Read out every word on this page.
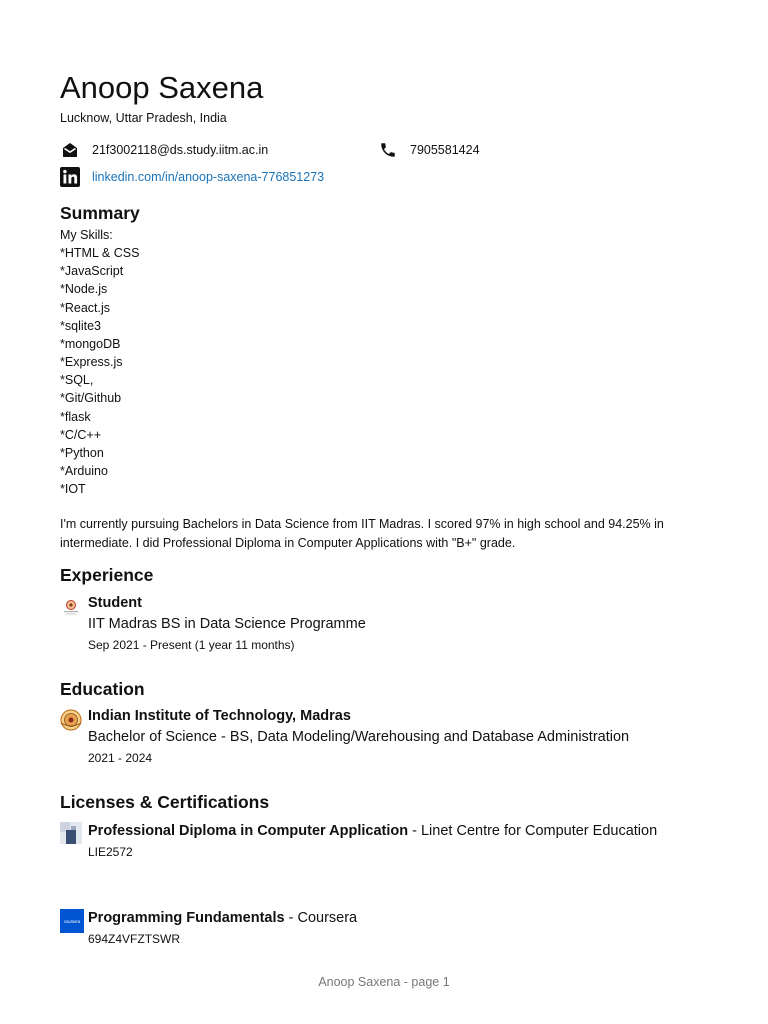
Anoop Saxena
Lucknow, Uttar Pradesh, India
21f3002118@ds.study.iitm.ac.in	7905581424
linkedin.com/in/anoop-saxena-776851273
Summary
My Skills:
*HTML & CSS
*JavaScript
*Node.js
*React.js
*sqlite3
*mongoDB
*Express.js
*SQL,
*Git/Github
*flask
*C/C++
*Python
*Arduino
*IOT
I'm currently pursuing Bachelors in Data Science from IIT Madras. I scored 97% in high school and 94.25% in intermediate. I did Professional Diploma in Computer Applications with "B+" grade.
Experience
Student
IIT Madras BS in Data Science Programme
Sep 2021 - Present (1 year 11 months)
Education
Indian Institute of Technology, Madras
Bachelor of Science - BS, Data Modeling/Warehousing and Database Administration
2021 - 2024
Licenses & Certifications
Professional Diploma in Computer Application - Linet Centre for Computer Education
LIE2572
coursera Programming Fundamentals - Coursera
694Z4VFZTSWR
Anoop Saxena - page 1
